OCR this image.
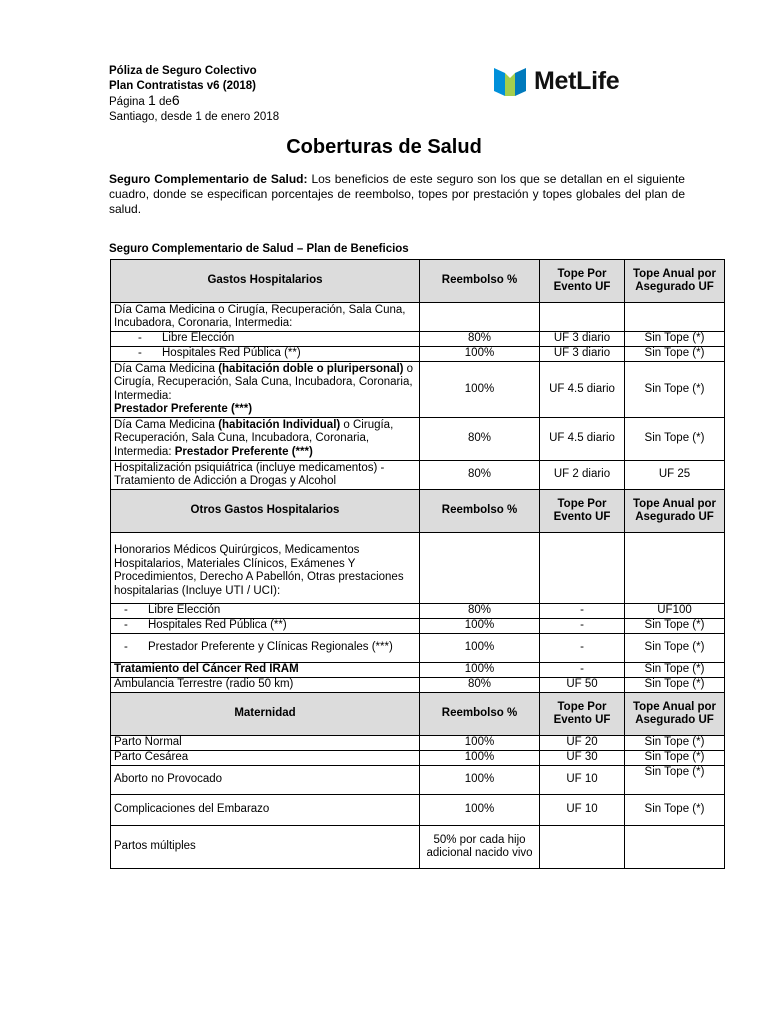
Póliza de Seguro Colectivo
Plan Contratistas v6 (2018)
Página 1 de6
Santiago, desde 1 de enero 2018
MetLife
Coberturas de Salud
Seguro Complementario de Salud: Los beneficios de este seguro son los que se detallan en el siguiente cuadro, donde se especifican porcentajes de reembolso, topes por prestación y topes globales del plan de salud.
Seguro Complementario de Salud – Plan de Beneficios
Gastos Hospitalarios	Reembolso %	Tope Por Evento UF	Tope Anual por Asegurado UF
Día Cama Medicina o Cirugía, Recuperación, Sala Cuna, Incubadora, Coronaria, Intermedia:			

- Libre Elección	80%	UF 3 diario	Sin Tope (*)

- Hospitales Red Pública (**)	100%	UF 3 diario	Sin Tope (*)
Día Cama Medicina (habitación doble o pluripersonal) o Cirugía, Recuperación, Sala Cuna, Incubadora, Coronaria, Intermedia:
Prestador Preferente (***)	100%	UF 4.5 diario	Sin Tope (*)
Día Cama Medicina (habitación Individual) o Cirugía, Recuperación, Sala Cuna, Incubadora, Coronaria, Intermedia: Prestador Preferente (***)	80%	UF 4.5 diario	Sin Tope (*)
Hospitalización psiquiátrica (incluye medicamentos) - Tratamiento de Adicción a Drogas y Alcohol	80%	UF 2 diario	UF 25
Otros Gastos Hospitalarios	Reembolso %	Tope Por Evento UF	Tope Anual por Asegurado UF
Honorarios Médicos Quirúrgicos, Medicamentos Hospitalarios, Materiales Clínicos, Exámenes Y Procedimientos, Derecho A Pabellón, Otras prestaciones hospitalarias (Incluye UTI / UCI):			

- Libre Elección	80%	-	UF100

- Hospitales Red Pública (**)	100%	-	Sin Tope (*)

- Prestador Preferente y Clínicas Regionales (***)	100%	-	Sin Tope (*)
Tratamiento del Cáncer Red IRAM	100%	-	Sin Tope (*)
Ambulancia Terrestre (radio 50 km)	80%	UF 50	Sin Tope (*)
Maternidad	Reembolso %	Tope Por Evento UF	Tope Anual por Asegurado UF
Parto Normal	100%	UF 20	Sin Tope (*)
Parto Cesárea	100%	UF 30	Sin Tope (*)
Aborto no Provocado	100%	UF 10	Sin Tope (*)
Complicaciones del Embarazo	100%	UF 10	Sin Tope (*)
Partos múltiples	50% por cada hijo adicional nacido vivo		
